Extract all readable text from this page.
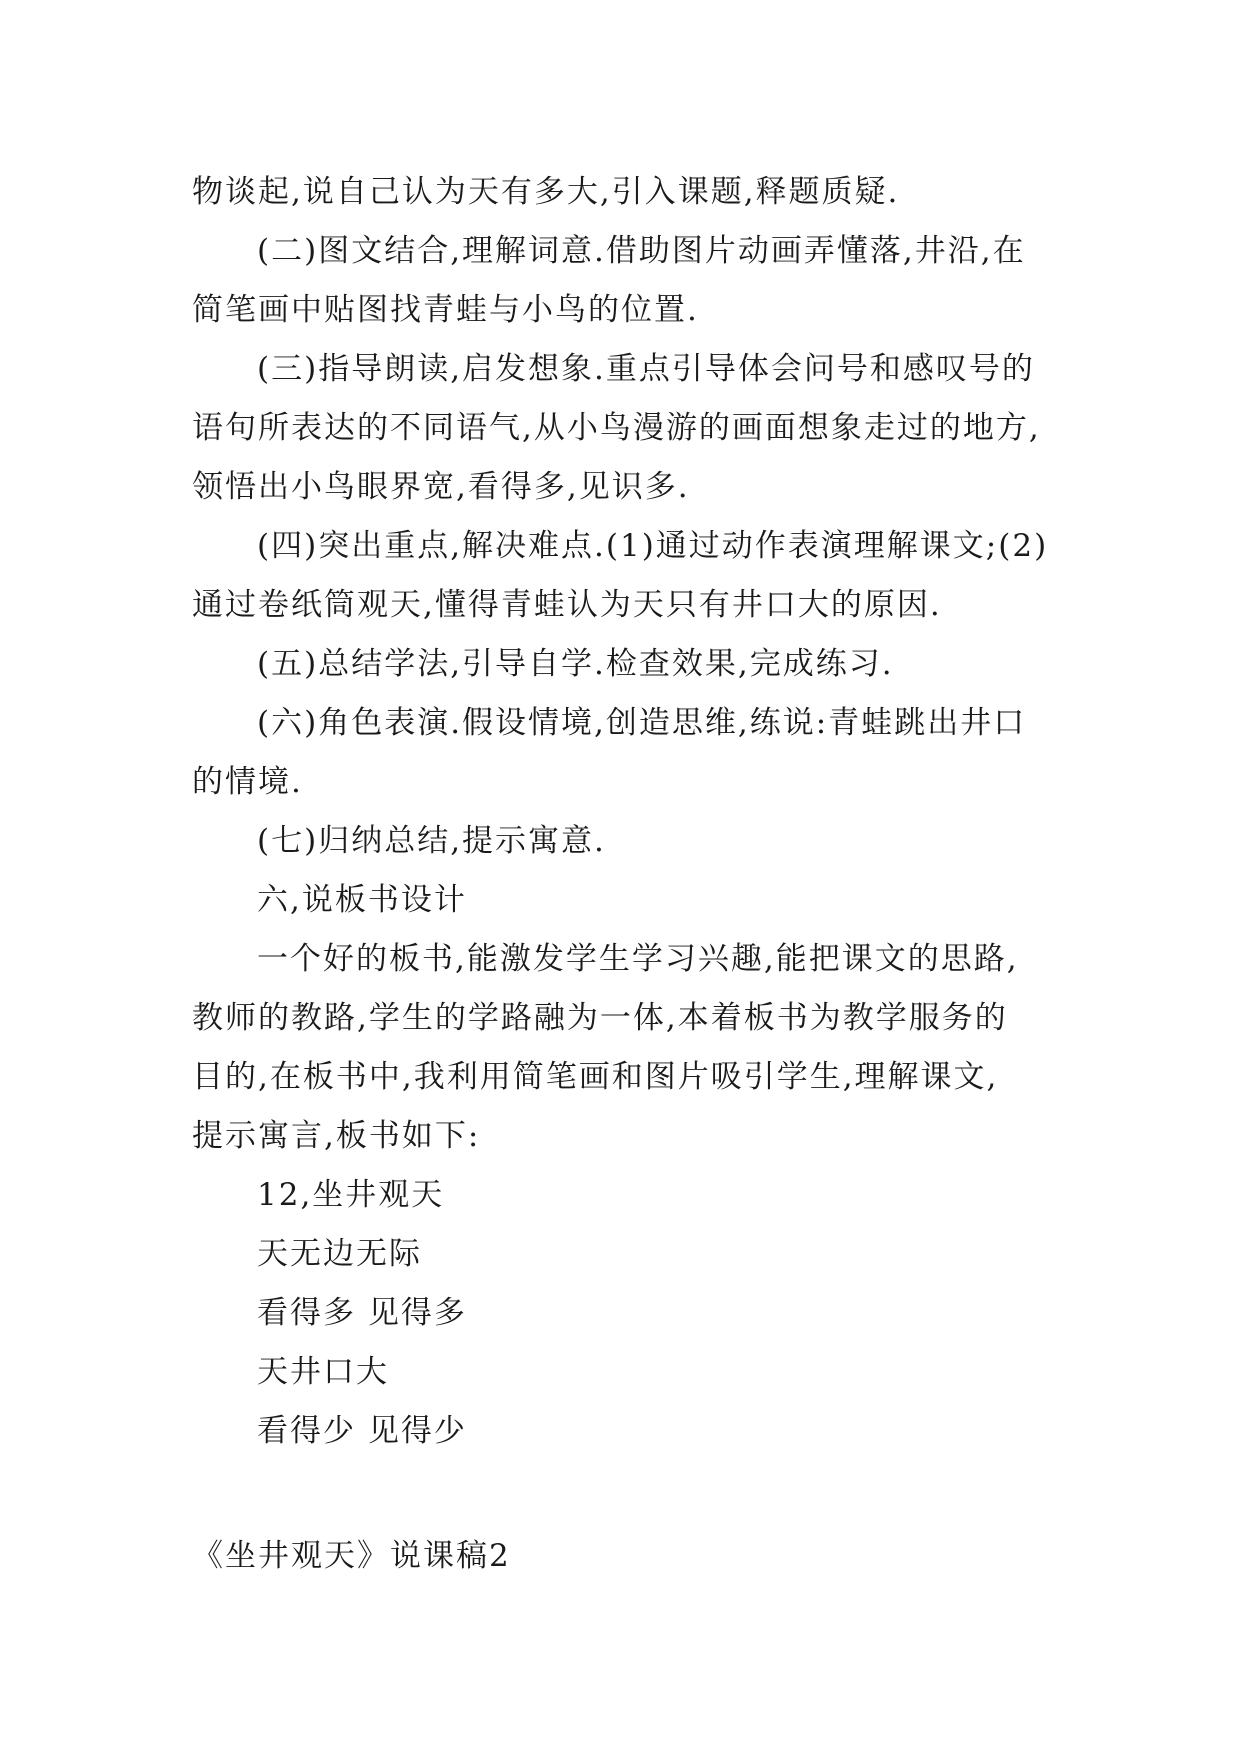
物谈起,说自己认为天有多大,引入课题,释题质疑.
(二)图文结合,理解词意.借助图片动画弄懂落,井沿,在
简笔画中贴图找青蛙与小鸟的位置.
(三)指导朗读,启发想象.重点引导体会问号和感叹号的
语句所表达的不同语气,从小鸟漫游的画面想象走过的地方,
领悟出小鸟眼界宽,看得多,见识多.
(四)突出重点,解决难点.(1)通过动作表演理解课文;(2)
通过卷纸筒观天,懂得青蛙认为天只有井口大的原因.
(五)总结学法,引导自学.检查效果,完成练习.
(六)角色表演.假设情境,创造思维,练说:青蛙跳出井口
的情境.
(七)归纳总结,提示寓意.
六,说板书设计
一个好的板书,能激发学生学习兴趣,能把课文的思路,
教师的教路,学生的学路融为一体,本着板书为教学服务的
目的,在板书中,我利用简笔画和图片吸引学生,理解课文,
提示寓言,板书如下:
12,坐井观天
天无边无际
看得多 见得多
天井口大
看得少 见得少
《坐井观天》说课稿2
